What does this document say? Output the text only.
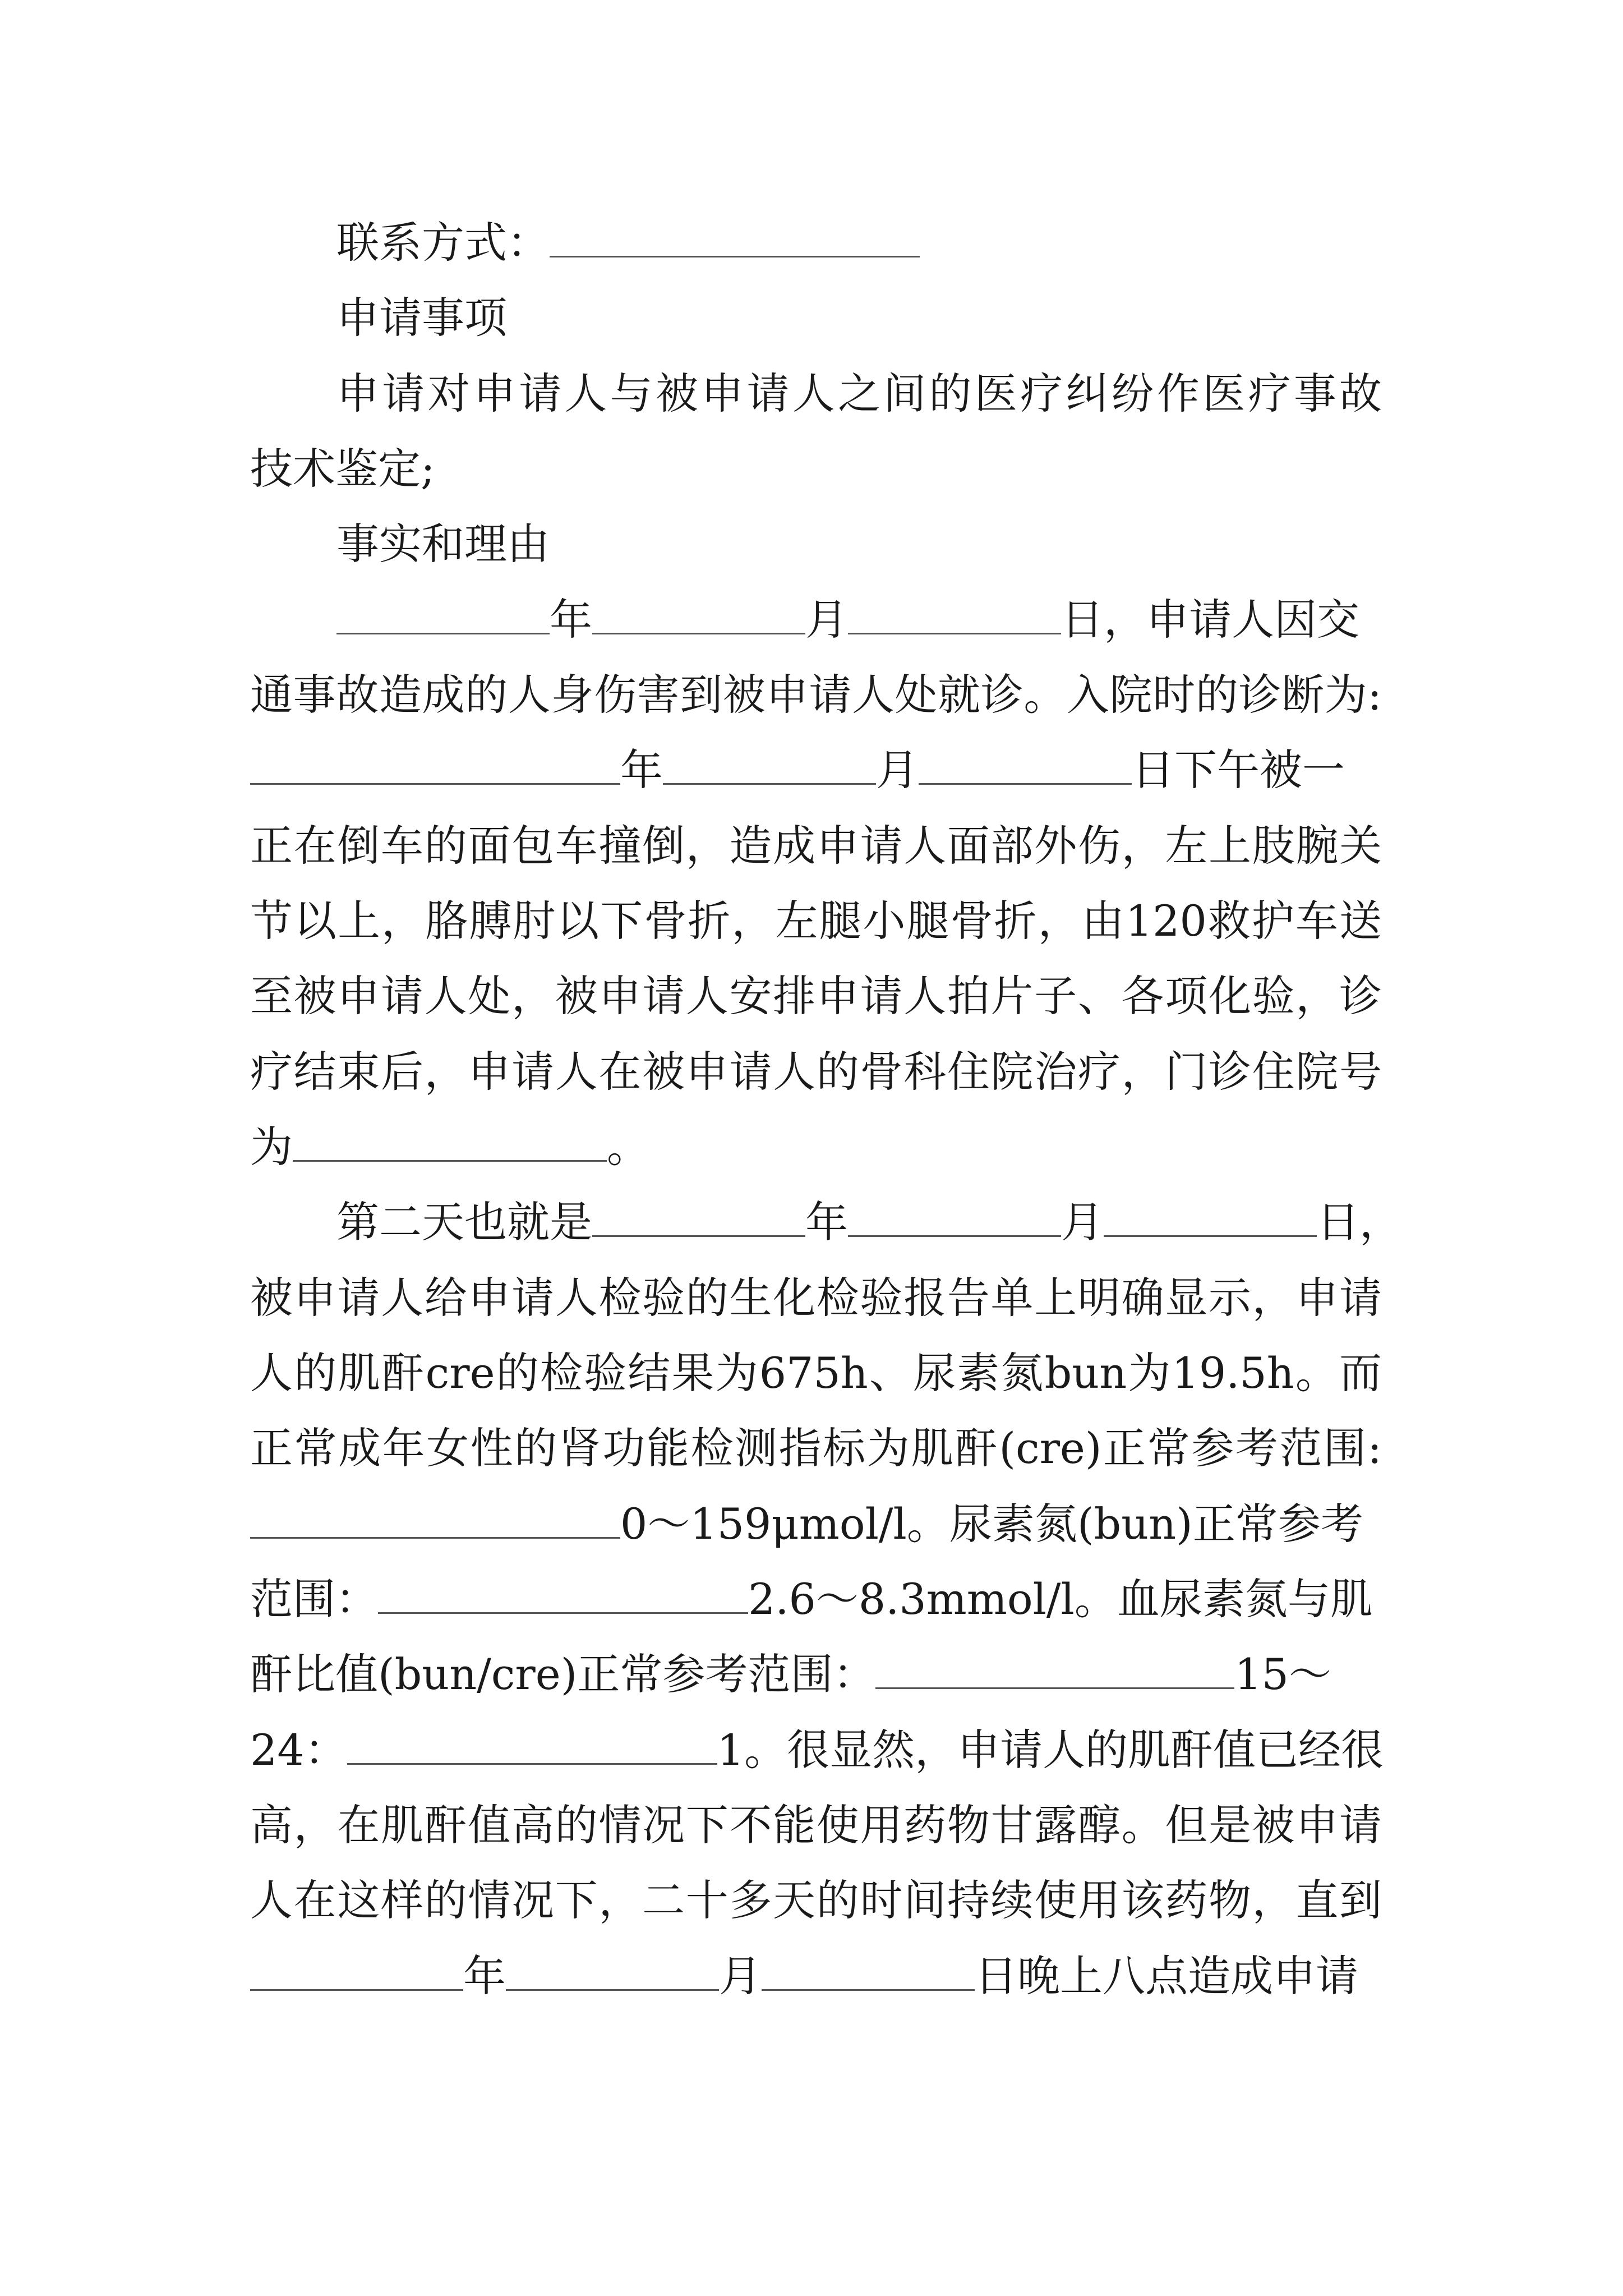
联系方式：
申请事项
申请对申请人与被申请人之间的医疗纠纷作医疗事故
技术鉴定;
事实和理由
年	月	日，申请人因交
通事故造成的人身伤害到被申请人处就诊。入院时的诊断为:
年	月	日下午被一
正在倒车的面包车撞倒，造成申请人面部外伤，左上肢腕关
节以上，胳膊肘以下骨折，左腿小腿骨折，由120救护车送
至被申请人处，被申请人安排申请人拍片子、各项化验，诊
疗结束后，申请人在被申请人的骨科住院治疗，门诊住院号
为	。
第二天也就是	年	月	日，
被申请人给申请人检验的生化检验报告单上明确显示，申请
人的肌酐cre的检验结果为675h、尿素氮bun为19.5h。而
正常成年女性的肾功能检测指标为肌酐(cre)正常参考范围:
0～159μmol/l。尿素氮(bun)正常参考
范围：	2.6～8.3mmol/l。血尿素氮与肌
酐比值(bun/cre)正常参考范围：	15～
24：	1。很显然，申请人的肌酐值已经很
高，在肌酐值高的情况下不能使用药物甘露醇。但是被申请
人在这样的情况下，二十多天的时间持续使用该药物，直到
年	月	日晚上八点造成申请
